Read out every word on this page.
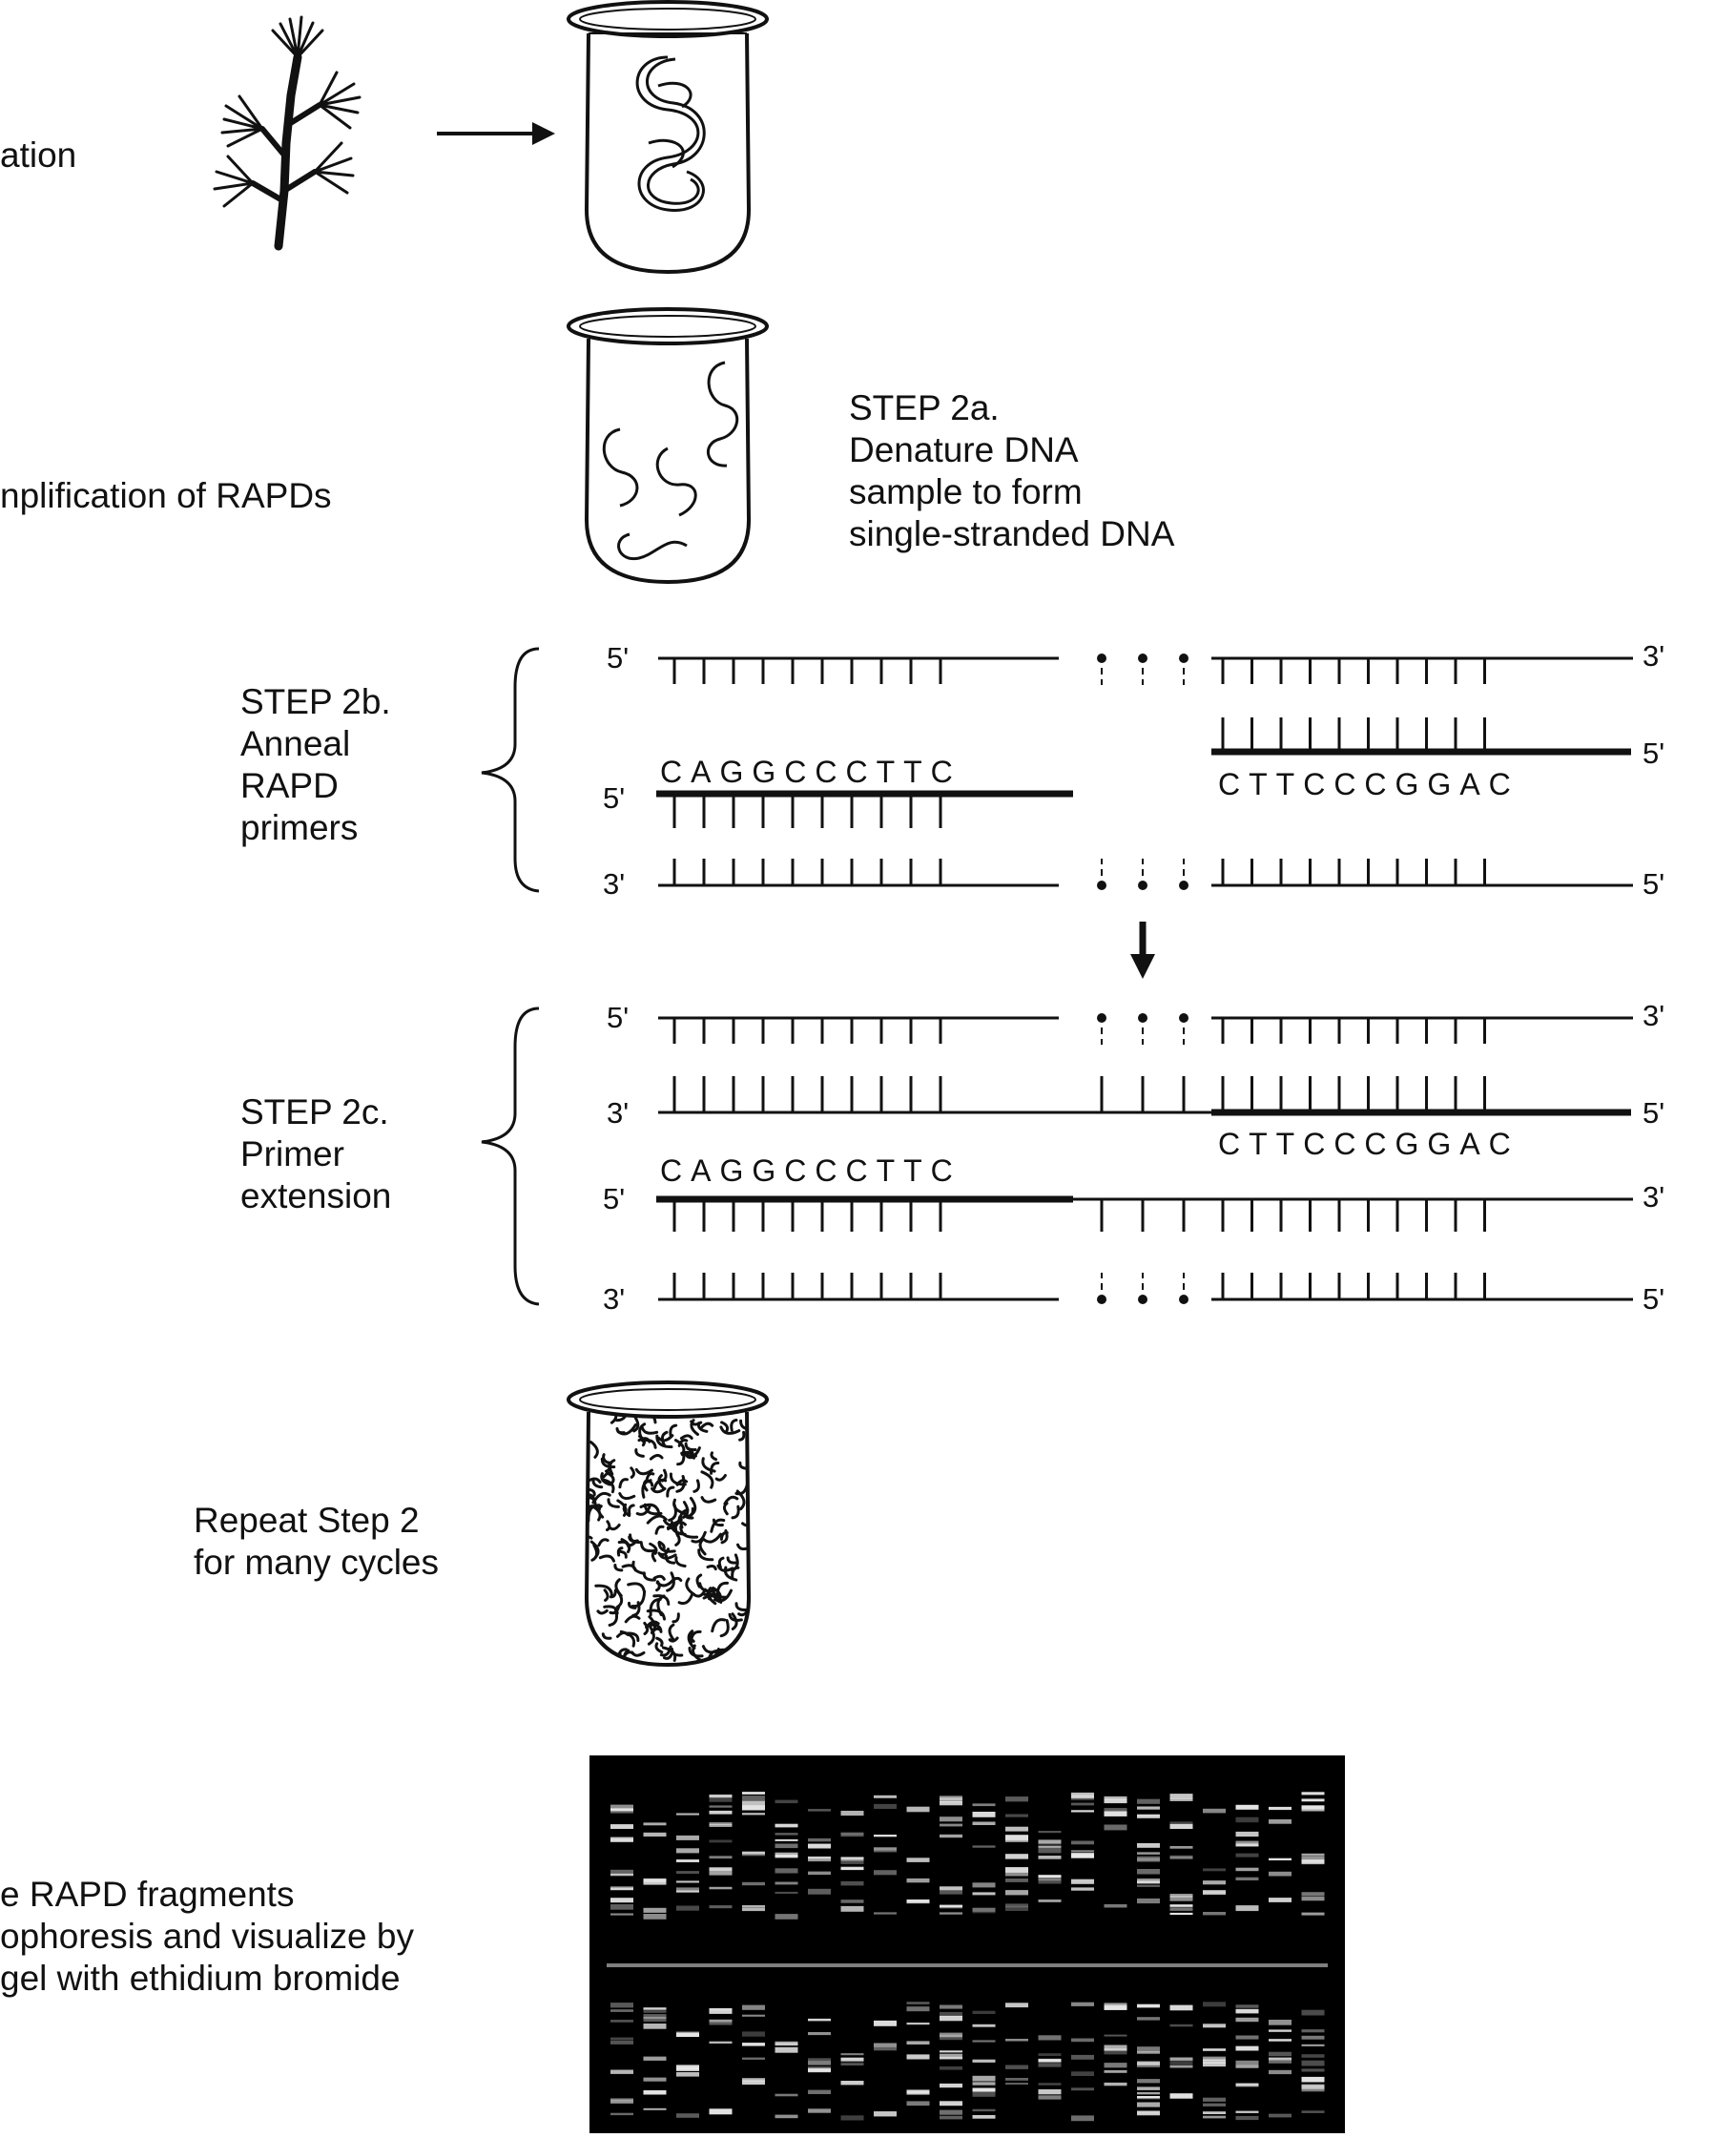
ation
nplification of RAPDs
STEP 2a.
Denature DNA
sample to form
single-stranded DNA
STEP 2b.
Anneal
RAPD
primers
CAGGCCCTTC	CTTCCCGGAC
5'	3'
5'
5'
3'	5'
STEP 2c.
Primer
extension
CTTCCCGGAC
CAGGCCCTTC
5'	3'
3'	5'
5'	3'
3'	5'
Repeat Step 2
for many cycles
e RAPD fragments
ophoresis and visualize by
gel with ethidium bromide
